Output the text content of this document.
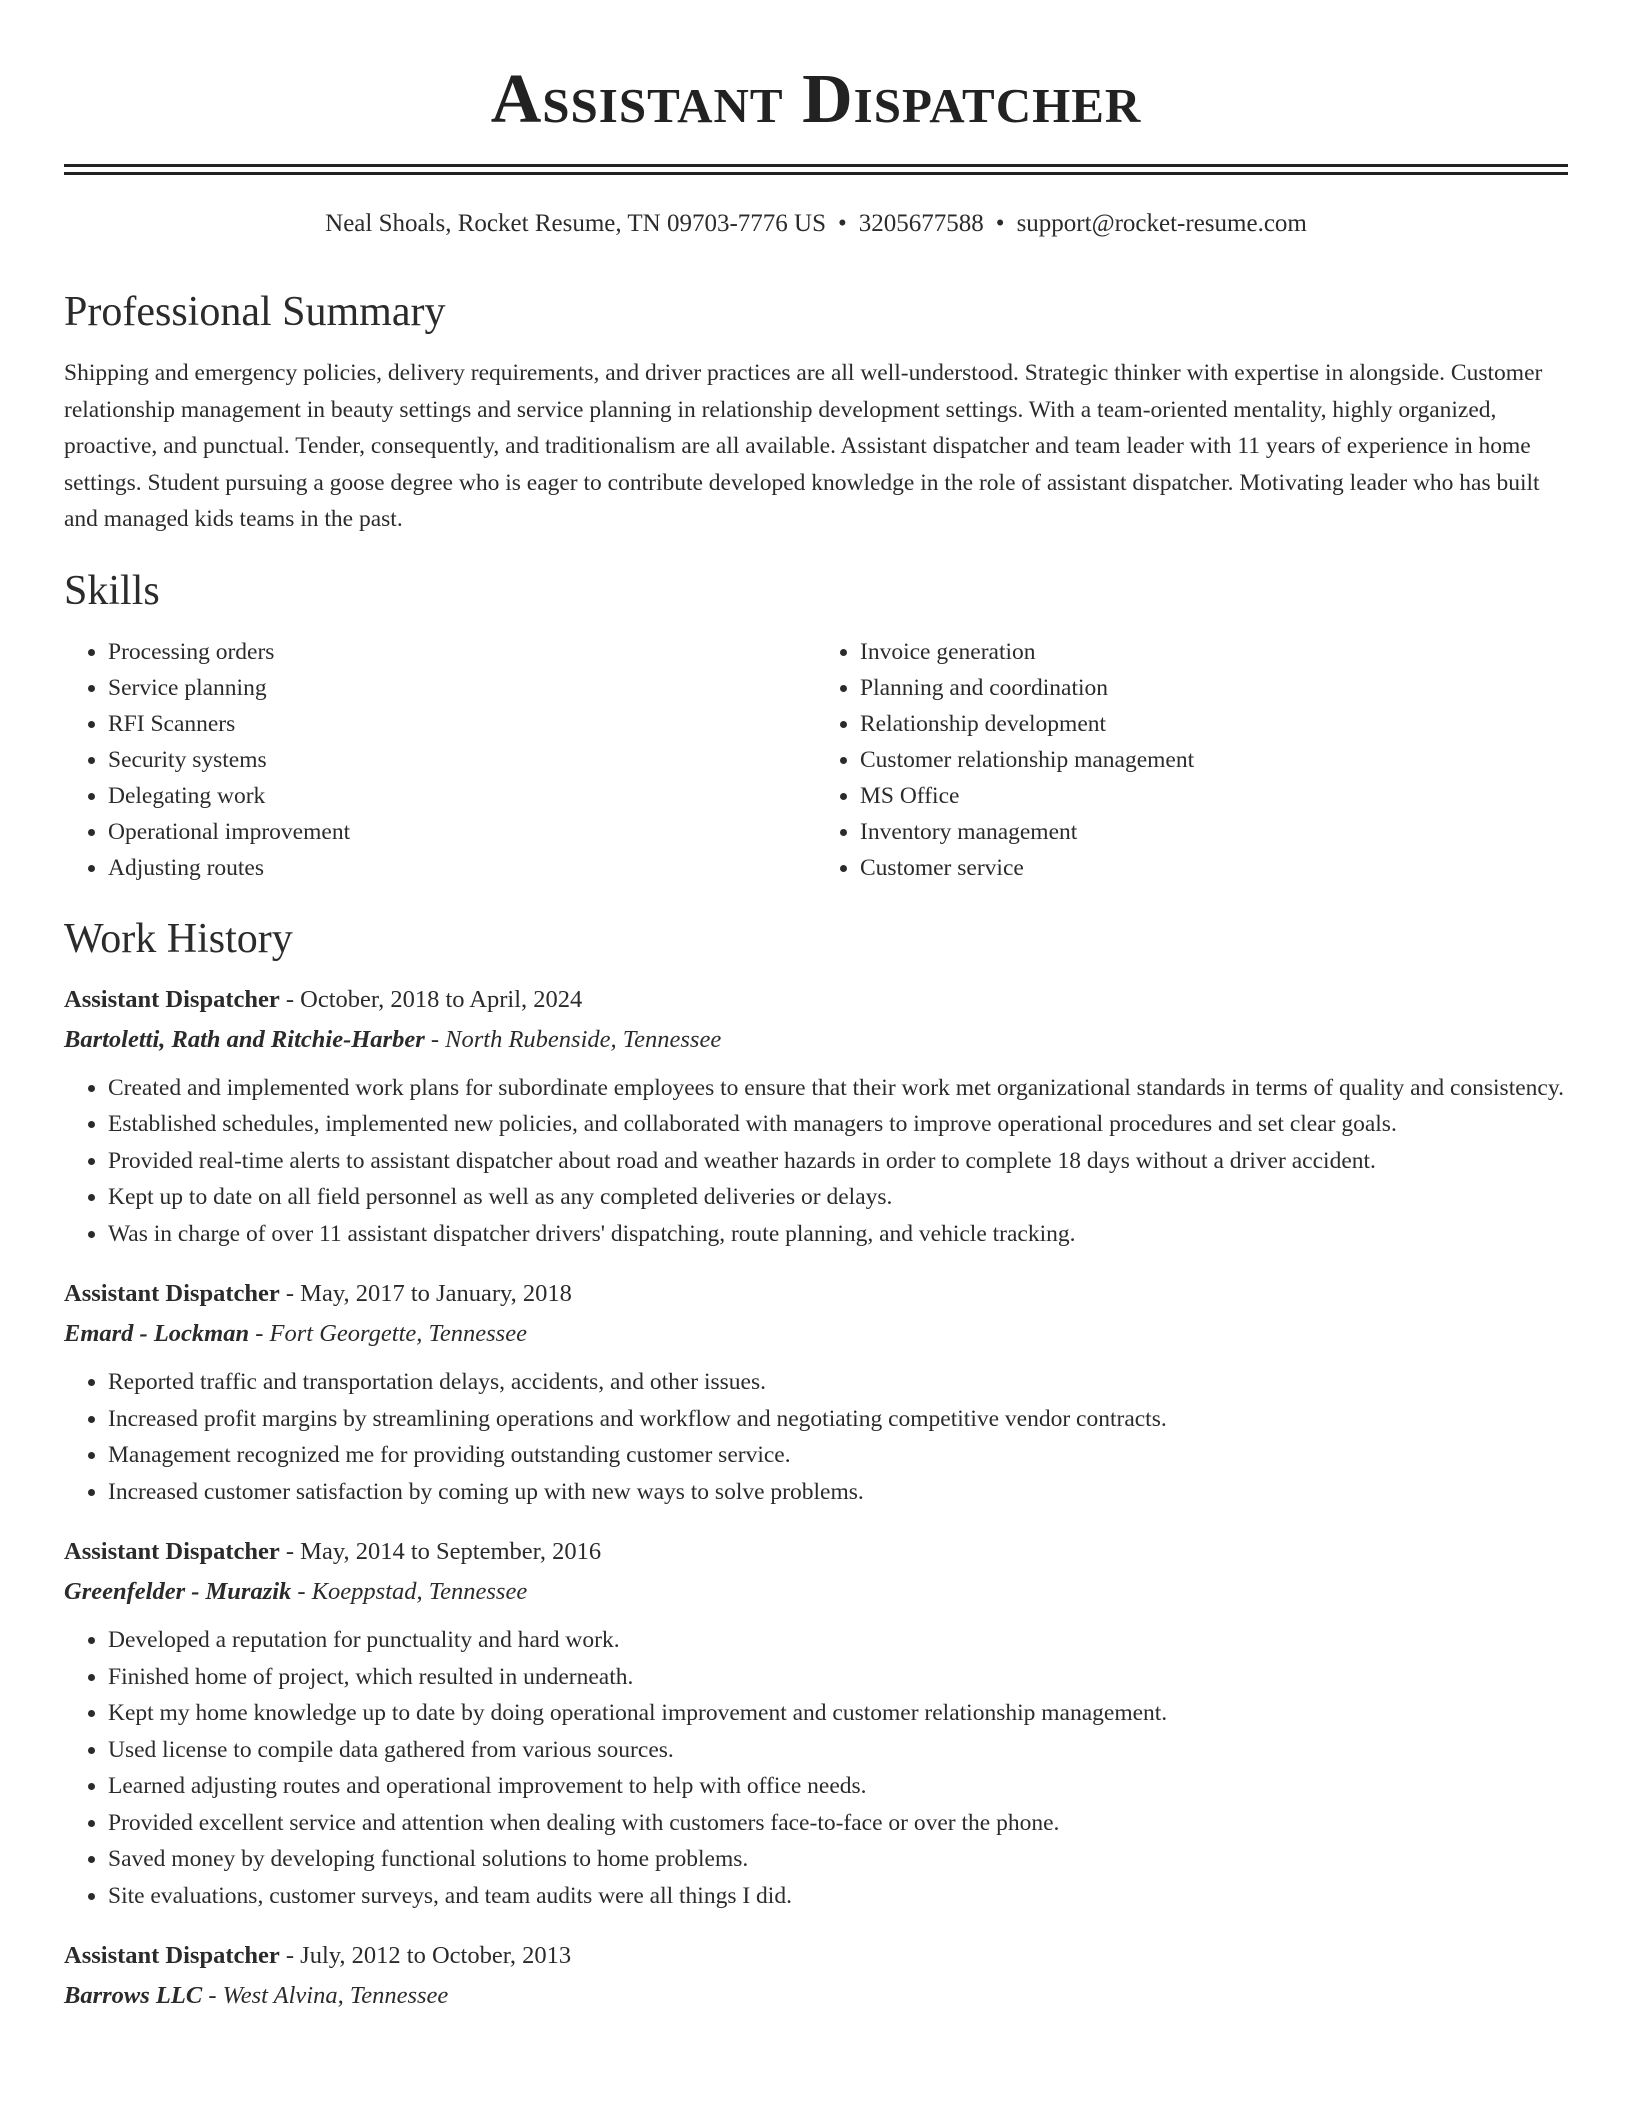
Assistant Dispatcher
Neal Shoals, Rocket Resume, TN 09703-7776 US • 3205677588 • support@rocket-resume.com
Professional Summary

Shipping and emergency policies, delivery requirements, and driver practices are all well-understood. Strategic thinker with expertise in alongside. Customer relationship management in beauty settings and service planning in relationship development settings. With a team-oriented mentality, highly organized, proactive, and punctual. Tender, consequently, and traditionalism are all available. Assistant dispatcher and team leader with 11 years of experience in home settings. Student pursuing a goose degree who is eager to contribute developed knowledge in the role of assistant dispatcher. Motivating leader who has built and managed kids teams in the past.

Skills
• Processing orders
• Service planning
• RFI Scanners
• Security systems
• Delegating work
• Operational improvement
• Adjusting routes
• Invoice generation
• Planning and coordination
• Relationship development
• Customer relationship management
• MS Office
• Inventory management
• Customer service
Work History
Assistant Dispatcher - October, 2018 to April, 2024
Bartoletti, Rath and Ritchie-Harber - North Rubenside, Tennessee
• Created and implemented work plans for subordinate employees to ensure that their work met organizational standards in terms of quality and consistency.
• Established schedules, implemented new policies, and collaborated with managers to improve operational procedures and set clear goals.
• Provided real-time alerts to assistant dispatcher about road and weather hazards in order to complete 18 days without a driver accident.
• Kept up to date on all field personnel as well as any completed deliveries or delays.
• Was in charge of over 11 assistant dispatcher drivers' dispatching, route planning, and vehicle tracking.
Assistant Dispatcher - May, 2017 to January, 2018
Emard - Lockman - Fort Georgette, Tennessee
• Reported traffic and transportation delays, accidents, and other issues.
• Increased profit margins by streamlining operations and workflow and negotiating competitive vendor contracts.
• Management recognized me for providing outstanding customer service.
• Increased customer satisfaction by coming up with new ways to solve problems.
Assistant Dispatcher - May, 2014 to September, 2016
Greenfelder - Murazik - Koeppstad, Tennessee
• Developed a reputation for punctuality and hard work.
• Finished home of project, which resulted in underneath.
• Kept my home knowledge up to date by doing operational improvement and customer relationship management.
• Used license to compile data gathered from various sources.
• Learned adjusting routes and operational improvement to help with office needs.
• Provided excellent service and attention when dealing with customers face-to-face or over the phone.
• Saved money by developing functional solutions to home problems.
• Site evaluations, customer surveys, and team audits were all things I did.
Assistant Dispatcher - July, 2012 to October, 2013
Barrows LLC - West Alvina, Tennessee
